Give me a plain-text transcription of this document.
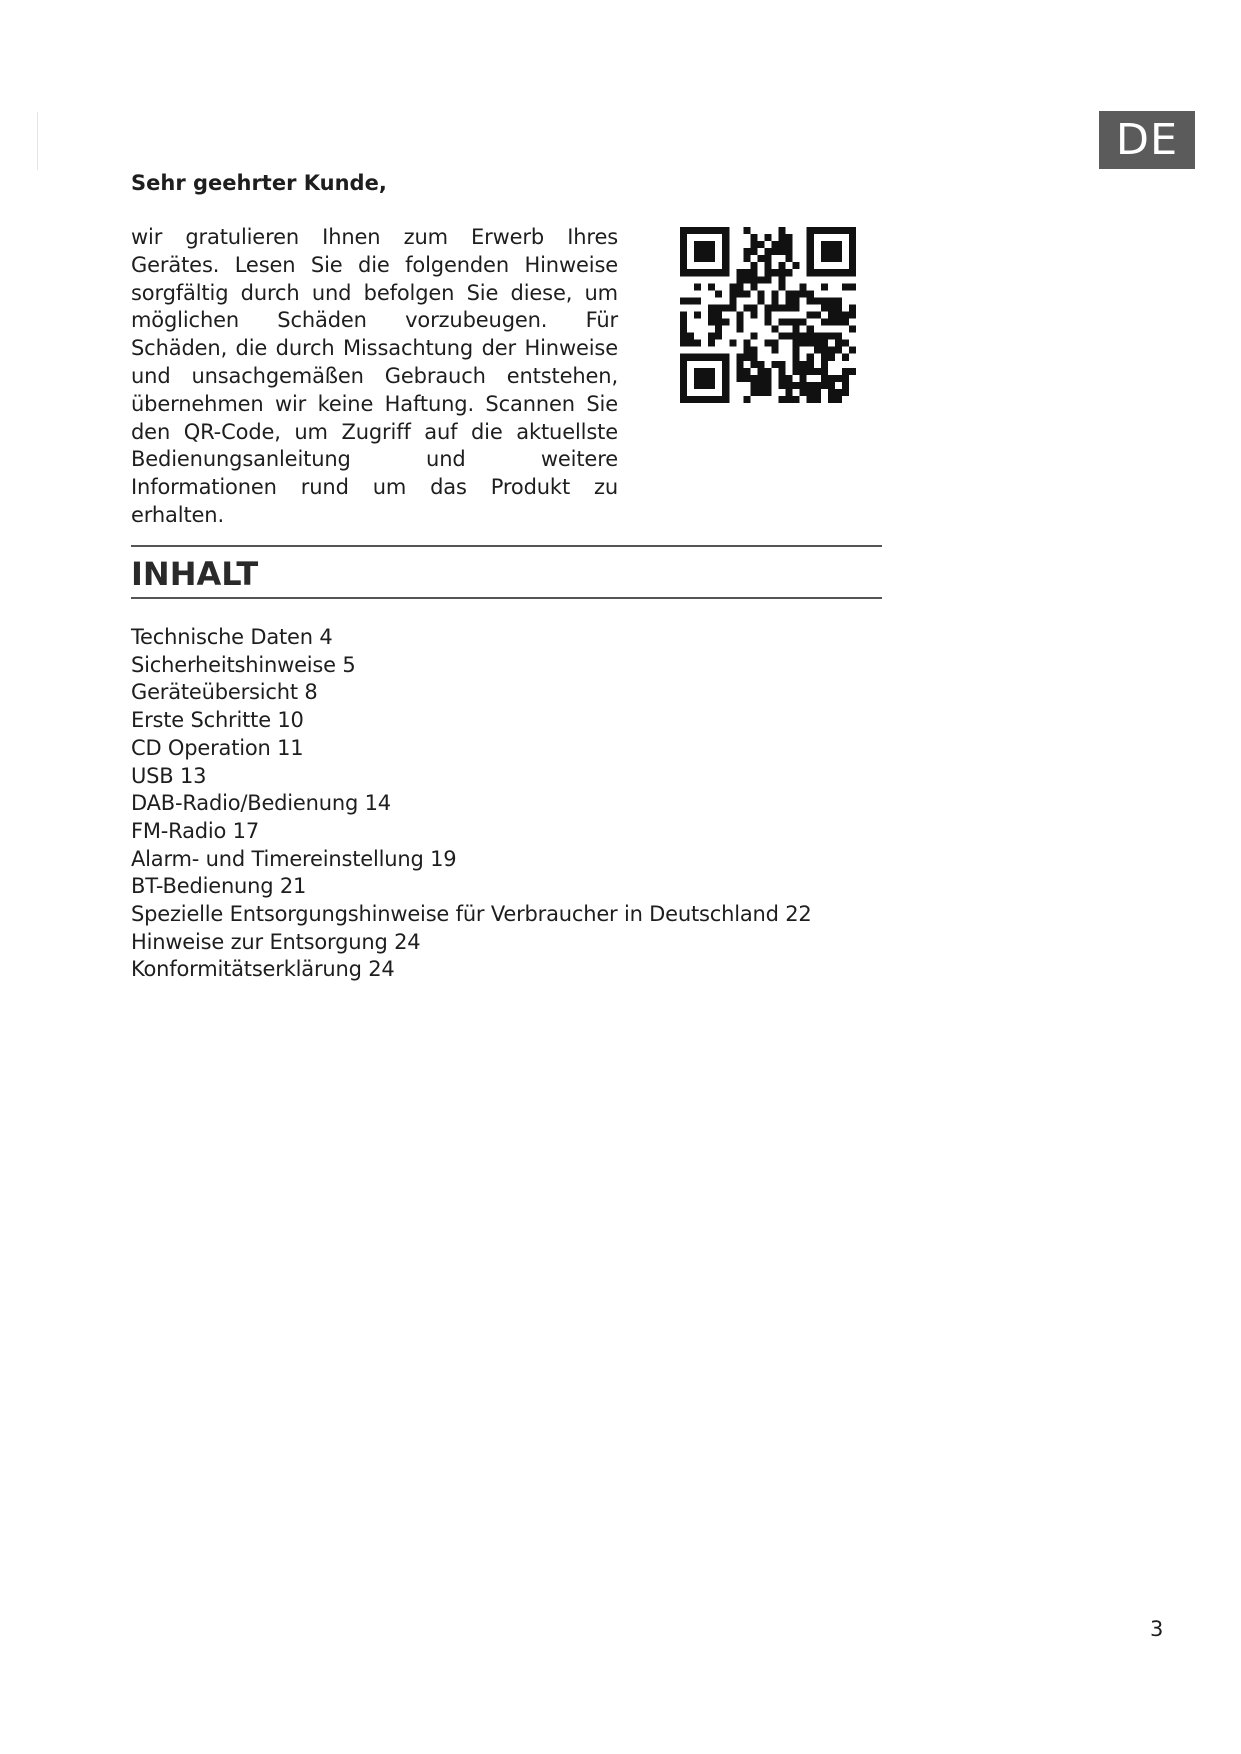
DE

Sehr geehrter Kunde,

wir gratulieren Ihnen zum Erwerb Ihres Gerätes. Lesen Sie die folgenden Hinweise sorgfältig durch und befolgen Sie diese, um möglichen Schäden vorzubeugen. Für Schäden, die durch Missachtung der Hinweise und unsachgemäßen Gebrauch entstehen, übernehmen wir keine Haftung. Scannen Sie den QR-Code, um Zugriff auf die aktuellste Bedienungsanleitung und weitere Informationen rund um das Produkt zu erhalten.

INHALT
Technische Daten 4
Sicherheitshinweise 5
Geräteübersicht 8
Erste Schritte 10
CD Operation 11
USB 13
DAB-Radio/Bedienung 14
FM-Radio 17
Alarm- und Timereinstellung 19
BT-Bedienung 21
Spezielle Entsorgungshinweise für Verbraucher in Deutschland 22
Hinweise zur Entsorgung 24
Konformitätserklärung 24
3
